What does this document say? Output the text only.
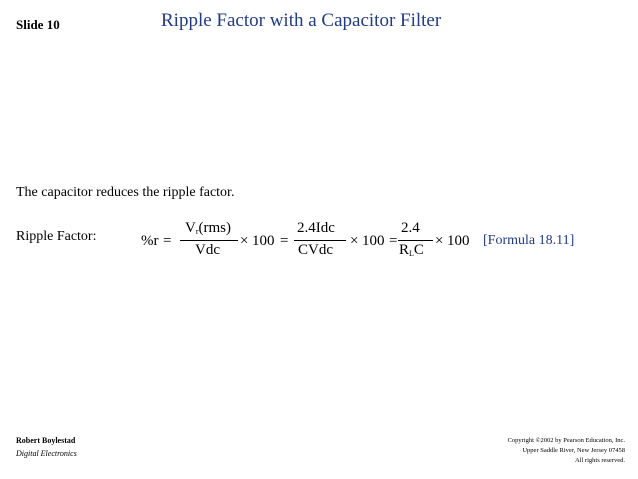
Slide 10	Ripple Factor with a Capacitor Filter
The capacitor reduces the ripple factor.
Ripple Factor:	%r =
$V_r(rms)$
Vdc
× 100 =
2.4Idc
CVdc
× 100 =
2.4
$R_LC$
× 100 [Formula 18.11]
Robert Boylestad
Digital Electronics
Copyright ©2002 by Pearson Education, Inc.
Upper Saddle River, New Jersey 07458
All rights reserved.
